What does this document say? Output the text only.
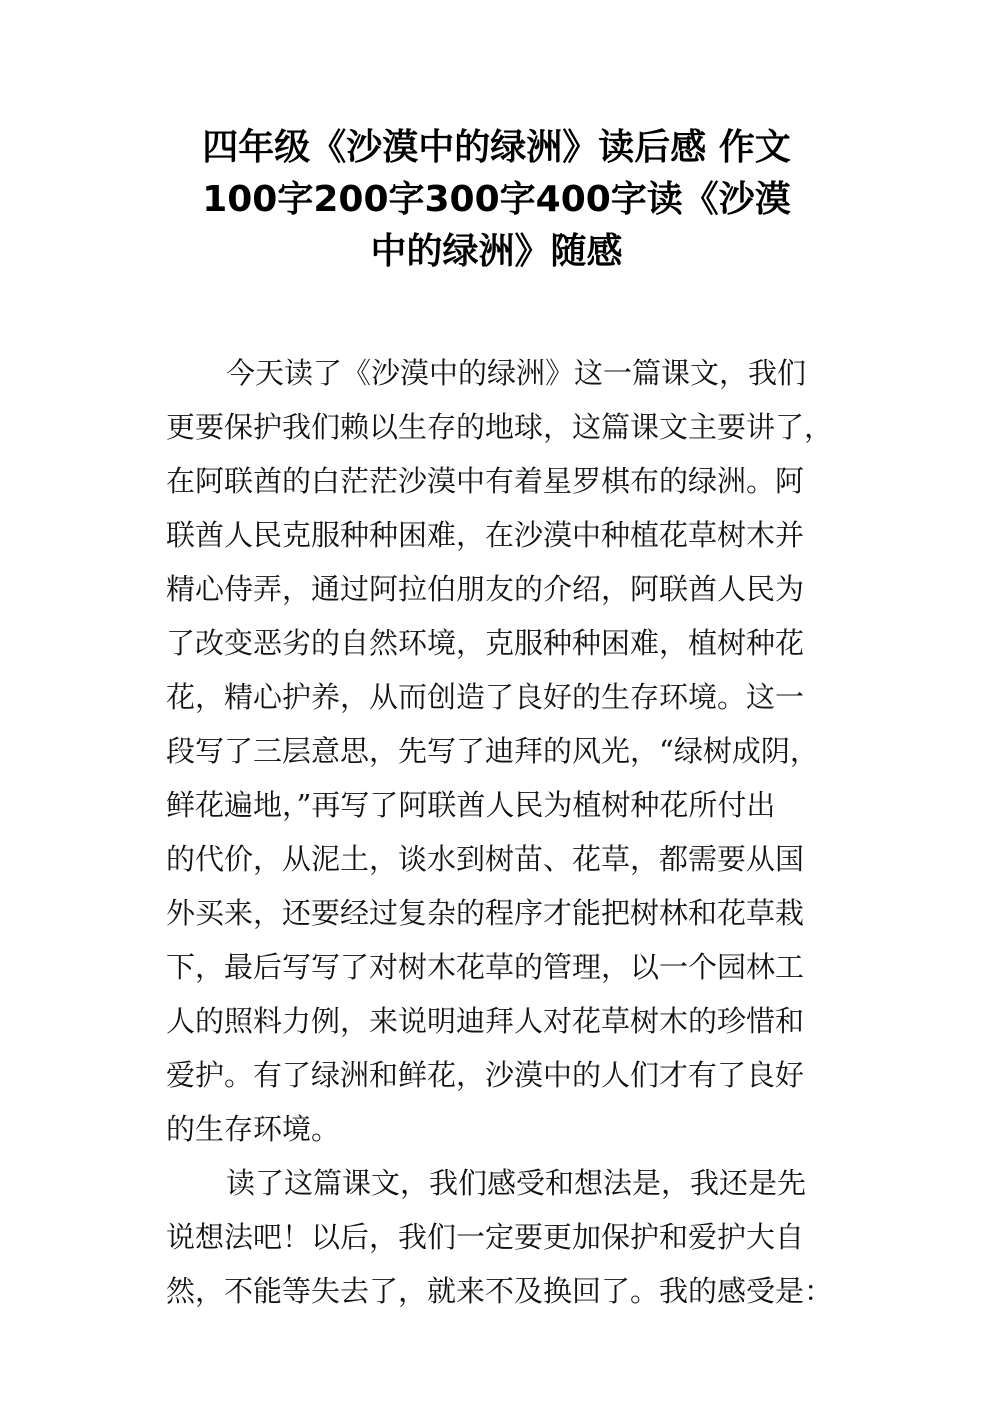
四年级《沙漠中的绿洲》读后感 作文
100字200字300字400字读《沙漠
中的绿洲》随感
今天读了《沙漠中的绿洲》这一篇课文，我们
更要保护我们赖以生存的地球，这篇课文主要讲了，
在阿联酋的白茫茫沙漠中有着星罗棋布的绿洲。阿
联酋人民克服种种困难，在沙漠中种植花草树木并
精心侍弄，通过阿拉伯朋友的介绍，阿联酋人民为
了改变恶劣的自然环境，克服种种困难，植树种花
花，精心护养，从而创造了良好的生存环境。这一
段写了三层意思，先写了迪拜的风光，“绿树成阴，
鲜花遍地，”再写了阿联酋人民为植树种花所付出
的代价，从泥土，谈水到树苗、花草，都需要从国
外买来，还要经过复杂的程序才能把树林和花草栽
下，最后写写了对树木花草的管理，以一个园林工
人的照料力例，来说明迪拜人对花草树木的珍惜和
爱护。有了绿洲和鲜花，沙漠中的人们才有了良好
的生存环境。
读了这篇课文，我们感受和想法是，我还是先
说想法吧！以后，我们一定要更加保护和爱护大自
然，不能等失去了，就来不及换回了。我的感受是：
